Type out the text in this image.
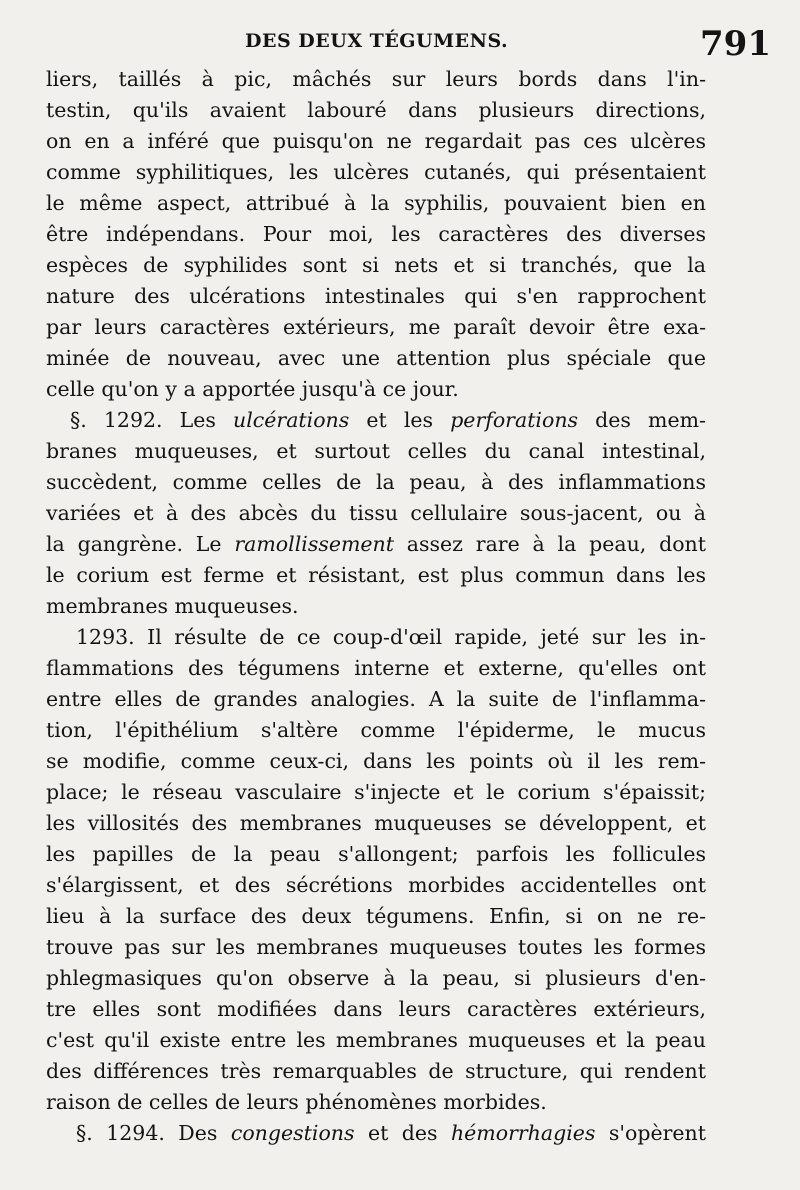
DES DEUX TÉGUMENS.	791
liers, taillés à pic, mâchés sur leurs bords dans l'in-
testin, qu'ils avaient labouré dans plusieurs directions,
on en a inféré que puisqu'on ne regardait pas ces ulcères
comme syphilitiques, les ulcères cutanés, qui présentaient
le même aspect, attribué à la syphilis, pouvaient bien en
être indépendans. Pour moi, les caractères des diverses
espèces de syphilides sont si nets et si tranchés, que la
nature des ulcérations intestinales qui s'en rapprochent
par leurs caractères extérieurs, me paraît devoir être exa-
minée de nouveau, avec une attention plus spéciale que
celle qu'on y a apportée jusqu'à ce jour.
§. 1292. Les ulcérations et les perforations des mem-
branes muqueuses, et surtout celles du canal intestinal,
succèdent, comme celles de la peau, à des inflammations
variées et à des abcès du tissu cellulaire sous-jacent, ou à
la gangrène. Le ramollissement assez rare à la peau, dont
le corium est ferme et résistant, est plus commun dans les
membranes muqueuses.
1293. Il résulte de ce coup-d'œil rapide, jeté sur les in-
flammations des tégumens interne et externe, qu'elles ont
entre elles de grandes analogies. A la suite de l'inflamma-
tion, l'épithélium s'altère comme l'épiderme, le mucus
se modifie, comme ceux-ci, dans les points où il les rem-
place; le réseau vasculaire s'injecte et le corium s'épaissit;
les villosités des membranes muqueuses se développent, et
les papilles de la peau s'allongent; parfois les follicules
s'élargissent, et des sécrétions morbides accidentelles ont
lieu à la surface des deux tégumens. Enfin, si on ne re-
trouve pas sur les membranes muqueuses toutes les formes
phlegmasiques qu'on observe à la peau, si plusieurs d'en-
tre elles sont modifiées dans leurs caractères extérieurs,
c'est qu'il existe entre les membranes muqueuses et la peau
des différences très remarquables de structure, qui rendent
raison de celles de leurs phénomènes morbides.
§. 1294. Des congestions et des hémorrhagies s'opèrent
